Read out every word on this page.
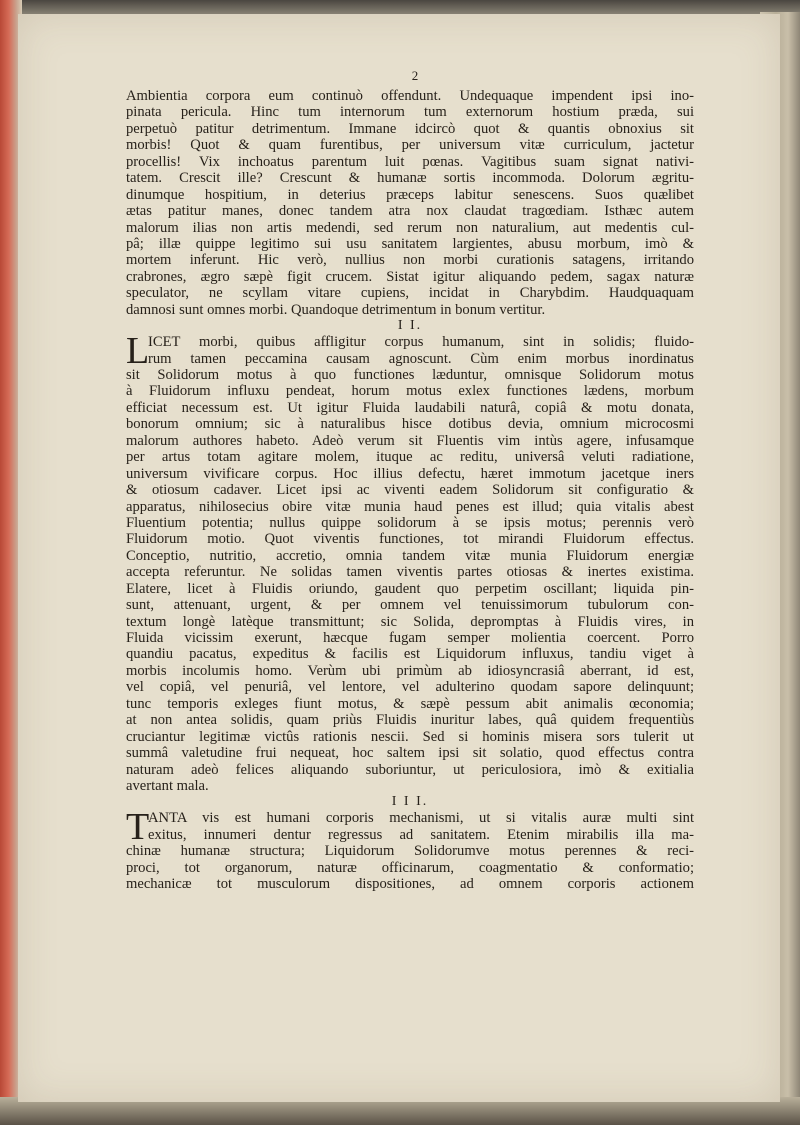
2
Ambientia corpora eum continuò offendunt. Undequaque impendent ipsi ino-
pinata pericula. Hinc tum internorum tum externorum hostium præda, sui
perpetuò patitur detrimentum. Immane idcircò quot & quantis obnoxius sit
morbis! Quot & quam furentibus, per universum vitæ curriculum, jactetur
procellis! Vix inchoatus parentum luit pœnas. Vagitibus suam signat nativi-
tatem. Crescit ille? Crescunt & humanæ sortis incommoda. Dolorum ægritu-
dinumque hospitium, in deterius præceps labitur senescens. Suos quælibet
ætas patitur manes, donec tandem atra nox claudat tragœdiam. Isthæc autem
malorum ilias non artis medendi, sed rerum non naturalium, aut medentis cul-
pâ; illæ quippe legitimo sui usu sanitatem largientes, abusu morbum, imò &
mortem inferunt. Hic verò, nullius non morbi curationis satagens, irritando
crabrones, ægro sæpè figit crucem. Sistat igitur aliquando pedem, sagax naturæ
speculator, ne scyllam vitare cupiens, incidat in Charybdim. Haudquaquam
damnosi sunt omnes morbi. Quandoque detrimentum in bonum vertitur.
I I.
L
ICET morbi, quibus affligitur corpus humanum, sint in solidis; fluido-
rum tamen peccamina causam agnoscunt. Cùm enim morbus inordinatus
sit Solidorum motus à quo functiones læduntur, omnisque Solidorum motus
à Fluidorum influxu pendeat, horum motus exlex functiones lædens, morbum
efficiat necessum est. Ut igitur Fluida laudabili naturâ, copiâ & motu donata,
bonorum omnium; sic à naturalibus hisce dotibus devia, omnium microcosmi
malorum authores habeto. Adeò verum sit Fluentis vim intùs agere, infusamque
per artus totam agitare molem, ituque ac reditu, universâ veluti radiatione,
universum vivificare corpus. Hoc illius defectu, hæret immotum jacetque iners
& otiosum cadaver. Licet ipsi ac viventi eadem Solidorum sit configuratio &
apparatus, nihilosecius obire vitæ munia haud penes est illud; quia vitalis abest
Fluentium potentia; nullus quippe solidorum à se ipsis motus; perennis verò
Fluidorum motio. Quot viventis functiones, tot mirandi Fluidorum effectus.
Conceptio, nutritio, accretio, omnia tandem vitæ munia Fluidorum energiæ
accepta referuntur. Ne solidas tamen viventis partes otiosas & inertes existima.
Elatere, licet à Fluidis oriundo, gaudent quo perpetim oscillant; liquida pin-
sunt, attenuant, urgent, & per omnem vel tenuissimorum tubulorum con-
textum longè latèque transmittunt; sic Solida, depromptas à Fluidis vires, in
Fluida vicissim exerunt, hæcque fugam semper molientia coercent. Porro
quandiu pacatus, expeditus & facilis est Liquidorum influxus, tandiu viget à
morbis incolumis homo. Verùm ubi primùm ab idiosyncrasiâ aberrant, id est,
vel copiâ, vel penuriâ, vel lentore, vel adulterino quodam sapore delinquunt;
tunc temporis exleges fiunt motus, & sæpè pessum abit animalis œconomia;
at non antea solidis, quam priùs Fluidis inuritur labes, quâ quidem frequentiùs
cruciantur legitimæ victûs rationis nescii. Sed si hominis misera sors tulerit ut
summâ valetudine frui nequeat, hoc saltem ipsi sit solatio, quod effectus contra
naturam adeò felices aliquando suboriuntur, ut periculosiora, imò & exitialia
avertant mala.
I I I.
T
ANTA vis est humani corporis mechanismi, ut si vitalis auræ multi sint
exitus, innumeri dentur regressus ad sanitatem. Etenim mirabilis illa ma-
chinæ humanæ structura; Liquidorum Solidorumve motus perennes & reci-
proci, tot organorum, naturæ officinarum, coagmentatio & conformatio;
mechanicæ tot musculorum dispositiones, ad omnem corporis actionem
